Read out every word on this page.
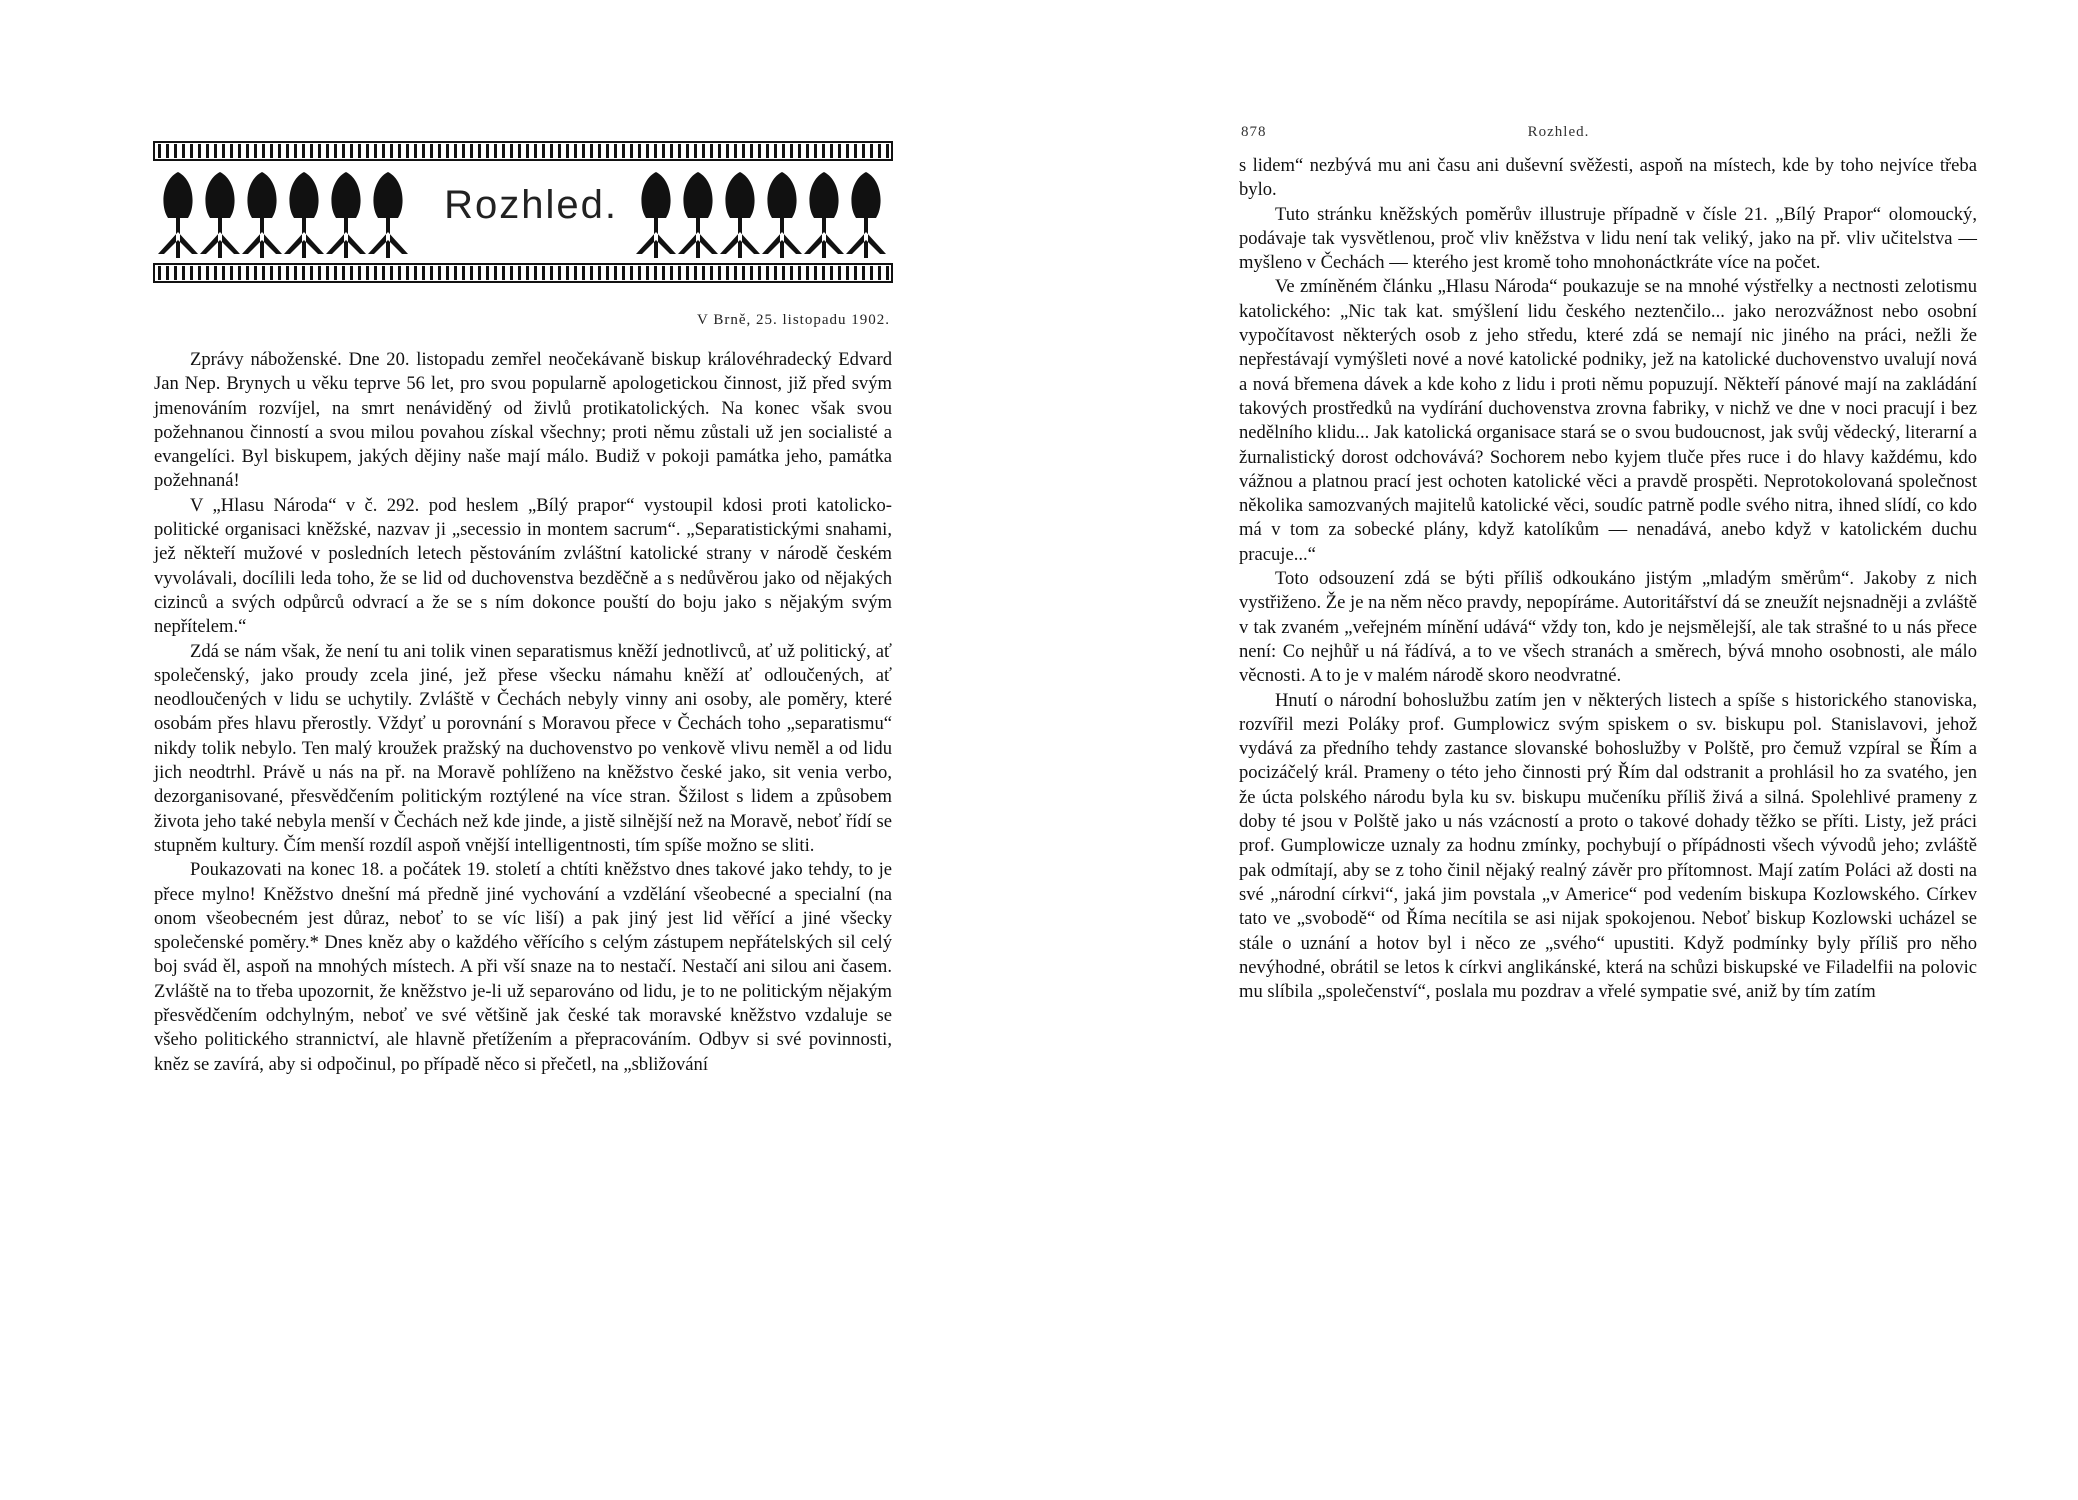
Rozhled.
V Brně, 25. listopadu 1902.

Zprávy náboženské. Dne 20. listopadu zemřel neočekávaně biskup královéhradecký Edvard Jan Nep. Brynych u věku teprve 56 let, pro svou popularně apologetickou činnost, již před svým jmenováním rozvíjel, na smrt nenáviděný od živlů protikatolických. Na konec však svou požehnanou činností a svou milou povahou získal všechny; proti němu zůstali už jen socialisté a evangelíci. Byl biskupem, jakých dějiny naše mají málo. Budiž v pokoji památka jeho, památka požehnaná!

V „Hlasu Národa“ v č. 292. pod heslem „Bílý prapor“ vystoupil kdosi proti katolicko-politické organisaci kněžské, nazvav ji „secessio in montem sacrum“. „Separatistickými snahami, jež někteří mužové v posledních letech pěstováním zvláštní katolické strany v národě českém vyvolávali, docílili leda toho, že se lid od duchovenstva bezděčně a s nedůvěrou jako od nějakých cizinců a svých odpůrců odvrací a že se s ním dokonce pouští do boju jako s nějakým svým nepřítelem.“

Zdá se nám však, že není tu ani tolik vinen separatismus kněží jednotlivců, ať už politický, ať společenský, jako proudy zcela jiné, jež přese všecku námahu kněží ať odloučených, ať neodloučených v lidu se uchytily. Zvláště v Čechách nebyly vinny ani osoby, ale poměry, které osobám přes hlavu přerostly. Vždyť u porovnání s Moravou přece v Čechách toho „separatismu“ nikdy tolik nebylo. Ten malý kroužek pražský na duchovenstvo po venkově vlivu neměl a od lidu jich neodtrhl. Právě u nás na př. na Moravě pohlíženo na kněžstvo české jako, sit venia verbo, dezorganisované, přesvědčením politickým roztýlené na více stran. Šžilost s lidem a způsobem života jeho také nebyla menší v Čechách než kde jinde, a jistě silnější než na Moravě, neboť řídí se stupněm kultury. Čím menší rozdíl aspoň vnější intelligentnosti, tím spíše možno se sliti.

Poukazovati na konec 18. a počátek 19. století a chtíti kněžstvo dnes takové jako tehdy, to je přece mylno! Kněžstvo dnešní má předně jiné vychování a vzdělání všeobecné a specialní (na onom všeobecném jest důraz, neboť to se víc liší) a pak jiný jest lid věřící a jiné všecky společenské poměry.* Dnes kněz aby o každého věřícího s celým zástupem nepřátelských sil celý boj svád ěl, aspoň na mnohých místech. A při vší snaze na to nestačí. Nestačí ani silou ani časem. Zvláště na to třeba upozornit, že kněžstvo je-li už separováno od lidu, je to ne politickým nějakým přesvědčením odchylným, neboť ve své většině jak české tak moravské kněžstvo vzdaluje se všeho politického strannictví, ale hlavně přetížením a přepracováním. Odbyv si své povinnosti, kněz se zavírá, aby si odpočinul, po případě něco si přečetl, na „sbližování

878	Rozhled.

s lidem“ nezbývá mu ani času ani duševní svěžesti, aspoň na místech, kde by toho nejvíce třeba bylo.

Tuto stránku kněžských poměrův illustruje případně v čísle 21. „Bílý Prapor“ olomoucký, podávaje tak vysvětlenou, proč vliv kněžstva v lidu není tak veliký, jako na př. vliv učitelstva — myšleno v Čechách — kterého jest kromě toho mnohonáctkráte více na počet.

Ve zmíněném článku „Hlasu Národa“ poukazuje se na mnohé výstřelky a nectnosti zelotismu katolického: „Nic tak kat. smýšlení lidu českého neztenčilo... jako nerozvážnost nebo osobní vypočítavost některých osob z jeho středu, které zdá se nemají nic jiného na práci, nežli že nepřestávají vymýšleti nové a nové katolické podniky, jež na katolické duchovenstvo uvalují nová a nová břemena dávek a kde koho z lidu i proti němu popuzují. Někteří pánové mají na zakládání takových prostředků na vydírání duchovenstva zrovna fabriky, v nichž ve dne v noci pracují i bez nedělního klidu... Jak katolická organisace stará se o svou budoucnost, jak svůj vědecký, literarní a žurnalistický dorost odchovává? Sochorem nebo kyjem tluče přes ruce i do hlavy každému, kdo vážnou a platnou prací jest ochoten katolické věci a pravdě prospěti. Neprotokolovaná společnost několika samozvaných majitelů katolické věci, soudíc patrně podle svého nitra, ihned slídí, co kdo má v tom za sobecké plány, když katolíkům — nenadává, anebo když v katolickém duchu pracuje...“

Toto odsouzení zdá se býti příliš odkoukáno jistým „mladým směrům“. Jakoby z nich vystřiženo. Že je na něm něco pravdy, nepopíráme. Autoritářství dá se zneužít nejsnadněji a zvláště v tak zvaném „veřejném mínění udává“ vždy ton, kdo je nejsmělejší, ale tak strašné to u nás přece není: Co nejhůř u ná řádívá, a to ve všech stranách a směrech, bývá mnoho osobnosti, ale málo věcnosti. A to je v malém národě skoro neodvratné.

Hnutí o národní bohoslužbu zatím jen v některých listech a spíše s historického stanoviska, rozvířil mezi Poláky prof. Gumplowicz svým spiskem o sv. biskupu pol. Stanislavovi, jehož vydává za předního tehdy zastance slovanské bohoslužby v Polště, pro čemuž vzpíral se Řím a pocizáčelý král. Prameny o této jeho činnosti prý Řím dal odstranit a prohlásil ho za svatého, jen že úcta polského národu byla ku sv. biskupu mučeníku příliš živá a silná. Spolehlivé prameny z doby té jsou v Polště jako u nás vzácností a proto o takové dohady těžko se příti. Listy, jež práci prof. Gumplowicze uznaly za hodnu zmínky, pochybují o přípádnosti všech vývodů jeho; zvláště pak odmítají, aby se z toho činil nějaký realný závěr pro přítomnost. Mají zatím Poláci až dosti na své „národní církvi“, jaká jim povstala „v Americe“ pod vedením biskupa Kozlowského. Církev tato ve „svobodě“ od Říma necítila se asi nijak spokojenou. Neboť biskup Kozlowski ucházel se stále o uznání a hotov byl i něco ze „svého“ upustiti. Když podmínky byly příliš pro něho nevýhodné, obrátil se letos k církvi anglikánské, která na schůzi biskupské ve Filadelfii na polovic mu slíbila „společenství“, poslala mu pozdrav a vřelé sympatie své, aniž by tím zatím
